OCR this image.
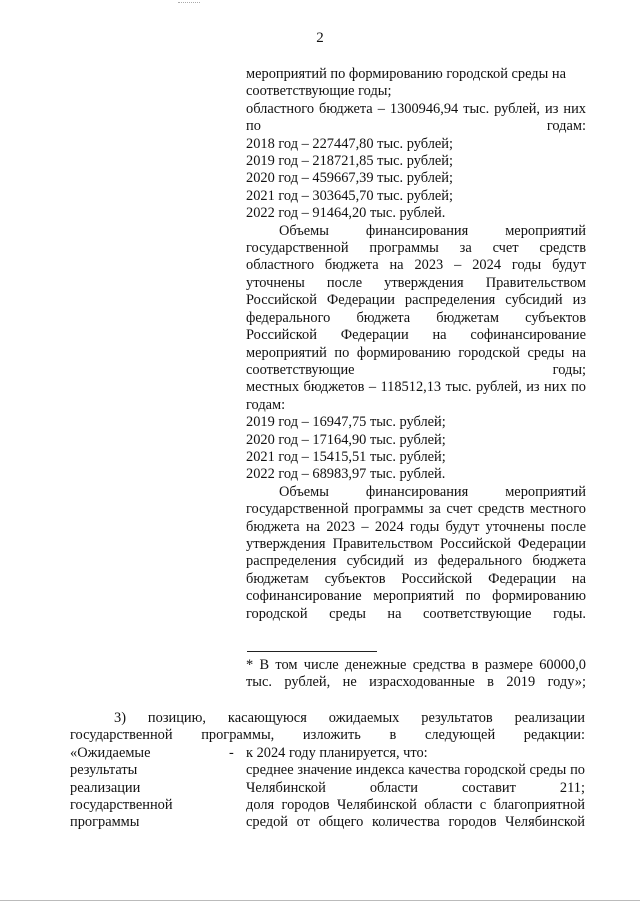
2

мероприятий по формированию городской среды на соответствующие годы;

областного бюджета – 1300946,94 тыс. рублей, из них по годам:

2018 год – 227447,80 тыс. рублей;

2019 год – 218721,85 тыс. рублей;

2020 год – 459667,39 тыс. рублей;

2021 год – 303645,70 тыс. рублей;

2022 год – 91464,20 тыс. рублей.

Объемы финансирования мероприятий государственной программы за счет средств областного бюджета на 2023 – 2024 годы будут уточнены после утверждения Правительством Российской Федерации распределения субсидий из федерального бюджета бюджетам субъектов Российской Федерации на софинансирование мероприятий по формированию городской среды на соответствующие годы;

местных бюджетов – 118512,13 тыс. рублей, из них по годам:

2019 год – 16947,75 тыс. рублей;

2020 год – 17164,90 тыс. рублей;

2021 год – 15415,51 тыс. рублей;

2022 год – 68983,97 тыс. рублей.

Объемы финансирования мероприятий государственной программы за счет средств местного бюджета на 2023 – 2024 годы будут уточнены после утверждения Правительством Российской Федерации распределения субсидий из федерального бюджета бюджетам субъектов Российской Федерации на софинансирование мероприятий по формированию городской среды на соответствующие годы.

* В том числе денежные средства в размере 60000,0 тыс. рублей, не израсходованные в 2019 году»;

3) позицию, касающуюся ожидаемых результатов реализации государственной программы, изложить в следующей редакции:

-
«Ожидаемые
результаты
реализации
государственной
программы

к 2024 году планируется, что:

среднее значение индекса качества городской среды по Челябинской области составит 211;

доля городов Челябинской области с благоприятной средой от общего количества городов Челябинской
